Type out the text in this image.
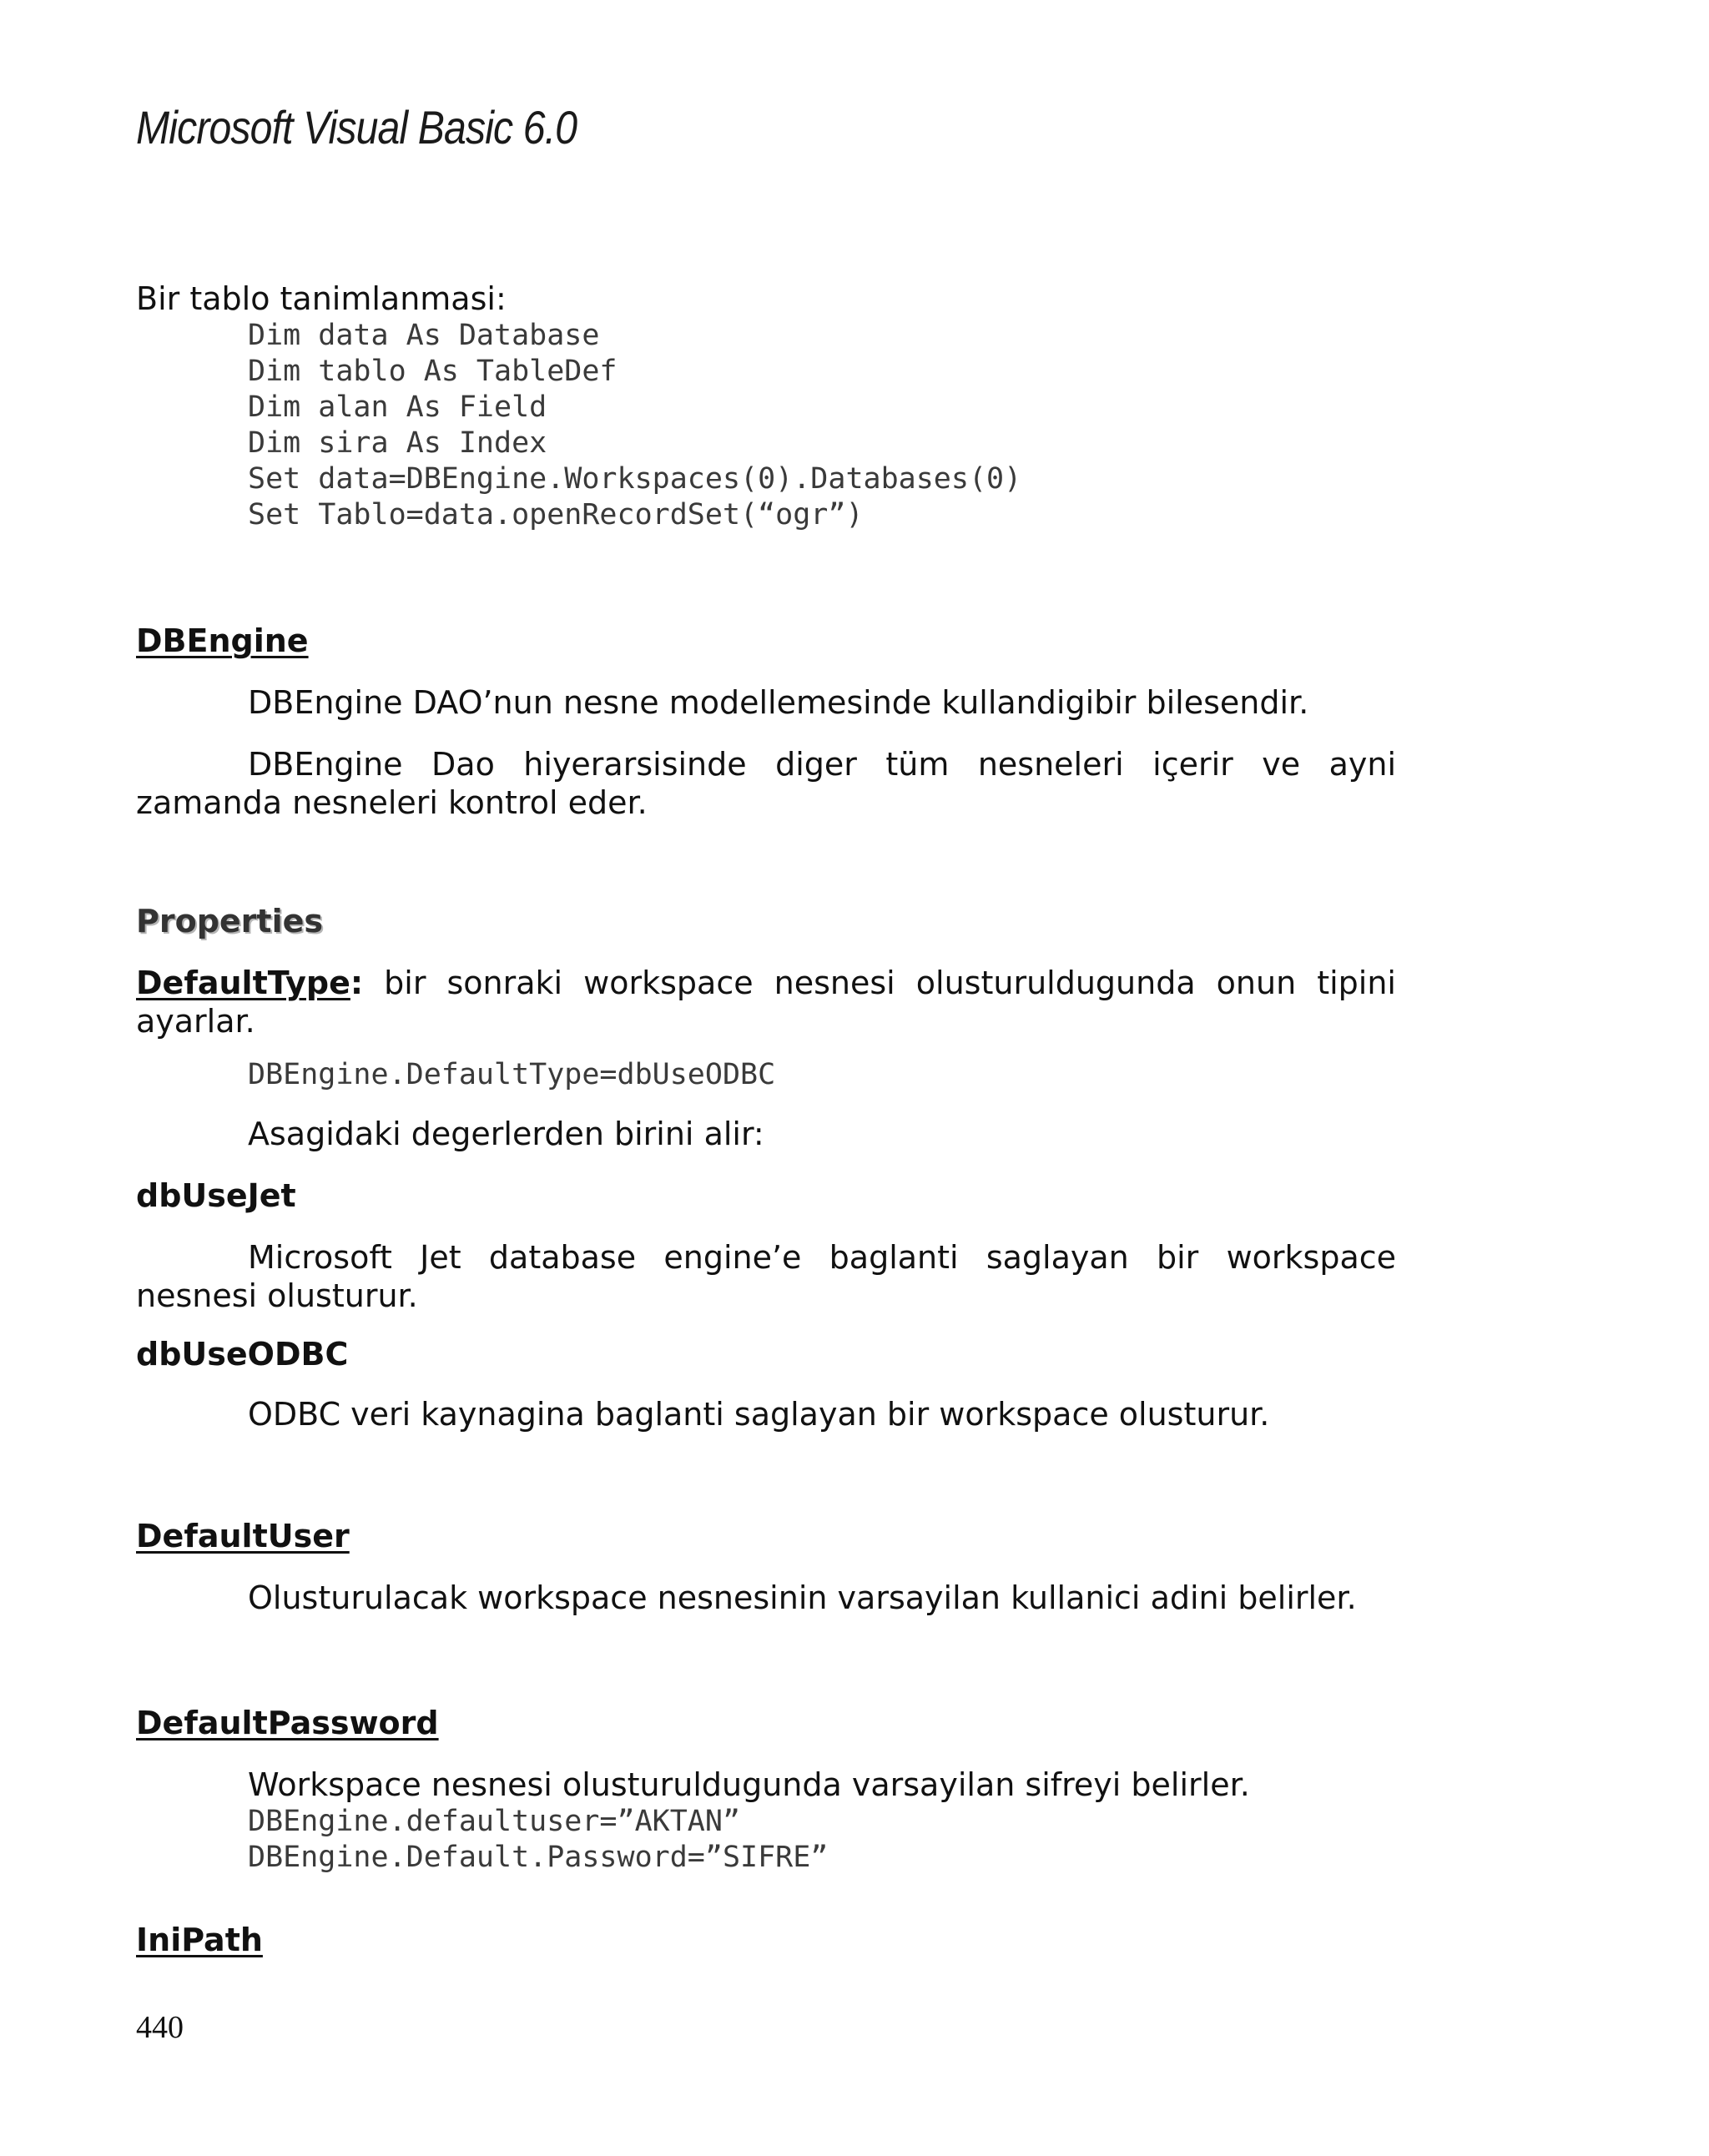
Microsoft Visual Basic 6.0

Bir tablo tanimlanmasi:

Dim data As Database
Dim tablo As TableDef
Dim alan As Field
Dim sira As Index
Set data=DBEngine.Workspaces(0).Databases(0)
Set Tablo=data.openRecordSet(“ogr”)
DBEngine

DBEngine DAO’nun nesne modellemesinde kullandigibir bilesendir.

DBEngine Dao hiyerarsisinde diger tüm nesneleri içerir ve ayni zamanda nesneleri kontrol eder.

Properties

DefaultType: bir sonraki workspace nesnesi olusturuldugunda onun tipini ayarlar.

DBEngine.DefaultType=dbUseODBC

Asagidaki degerlerden birini alir:

dbUseJet

Microsoft Jet database engine’e baglanti saglayan bir workspace nesnesi olusturur.

dbUseODBC

ODBC veri kaynagina baglanti saglayan bir workspace olusturur.

DefaultUser

Olusturulacak workspace nesnesinin varsayilan kullanici adini belirler.

DefaultPassword

Workspace nesnesi olusturuldugunda varsayilan sifreyi belirler.

DBEngine.defaultuser=”AKTAN”
DBEngine.Default.Password=”SIFRE”
IniPath
440
